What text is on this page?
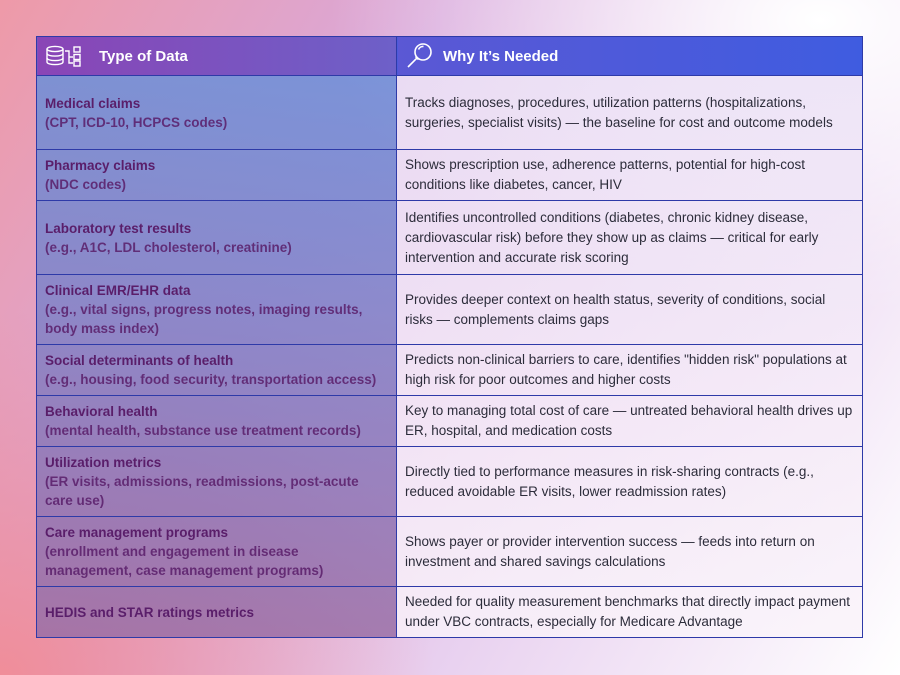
Type of Data	Why It’s Needed

Medical claims
(CPT, ICD-10, HCPCS codes)	Tracks diagnoses, procedures, utilization patterns (hospitalizations, surgeries, specialist visits) — the baseline for cost and outcome models

Pharmacy claims
(NDC codes)	Shows prescription use, adherence patterns, potential for high-cost conditions like diabetes, cancer, HIV

Laboratory test results
(e.g., A1C, LDL cholesterol, creatinine)	Identifies uncontrolled conditions (diabetes, chronic kidney disease, cardiovascular risk) before they show up as claims — critical for early intervention and accurate risk scoring

Clinical EMR/EHR data
(e.g., vital signs, progress notes, imaging results, body mass index)	Provides deeper context on health status, severity of conditions, social risks — complements claims gaps

Social determinants of health
(e.g., housing, food security, transportation access)	Predicts non-clinical barriers to care, identifies "hidden risk" populations at high risk for poor outcomes and higher costs

Behavioral health
(mental health, substance use treatment records)	Key to managing total cost of care — untreated behavioral health drives up ER, hospital, and medication costs

Utilization metrics
(ER visits, admissions, readmissions, post-acute care use)	Directly tied to performance measures in risk-sharing contracts (e.g., reduced avoidable ER visits, lower readmission rates)

Care management programs
(enrollment and engagement in disease management, case management programs)	Shows payer or provider intervention success — feeds into return on investment and shared savings calculations

HEDIS and STAR ratings metrics	Needed for quality measurement benchmarks that directly impact payment under VBC contracts, especially for Medicare Advantage
